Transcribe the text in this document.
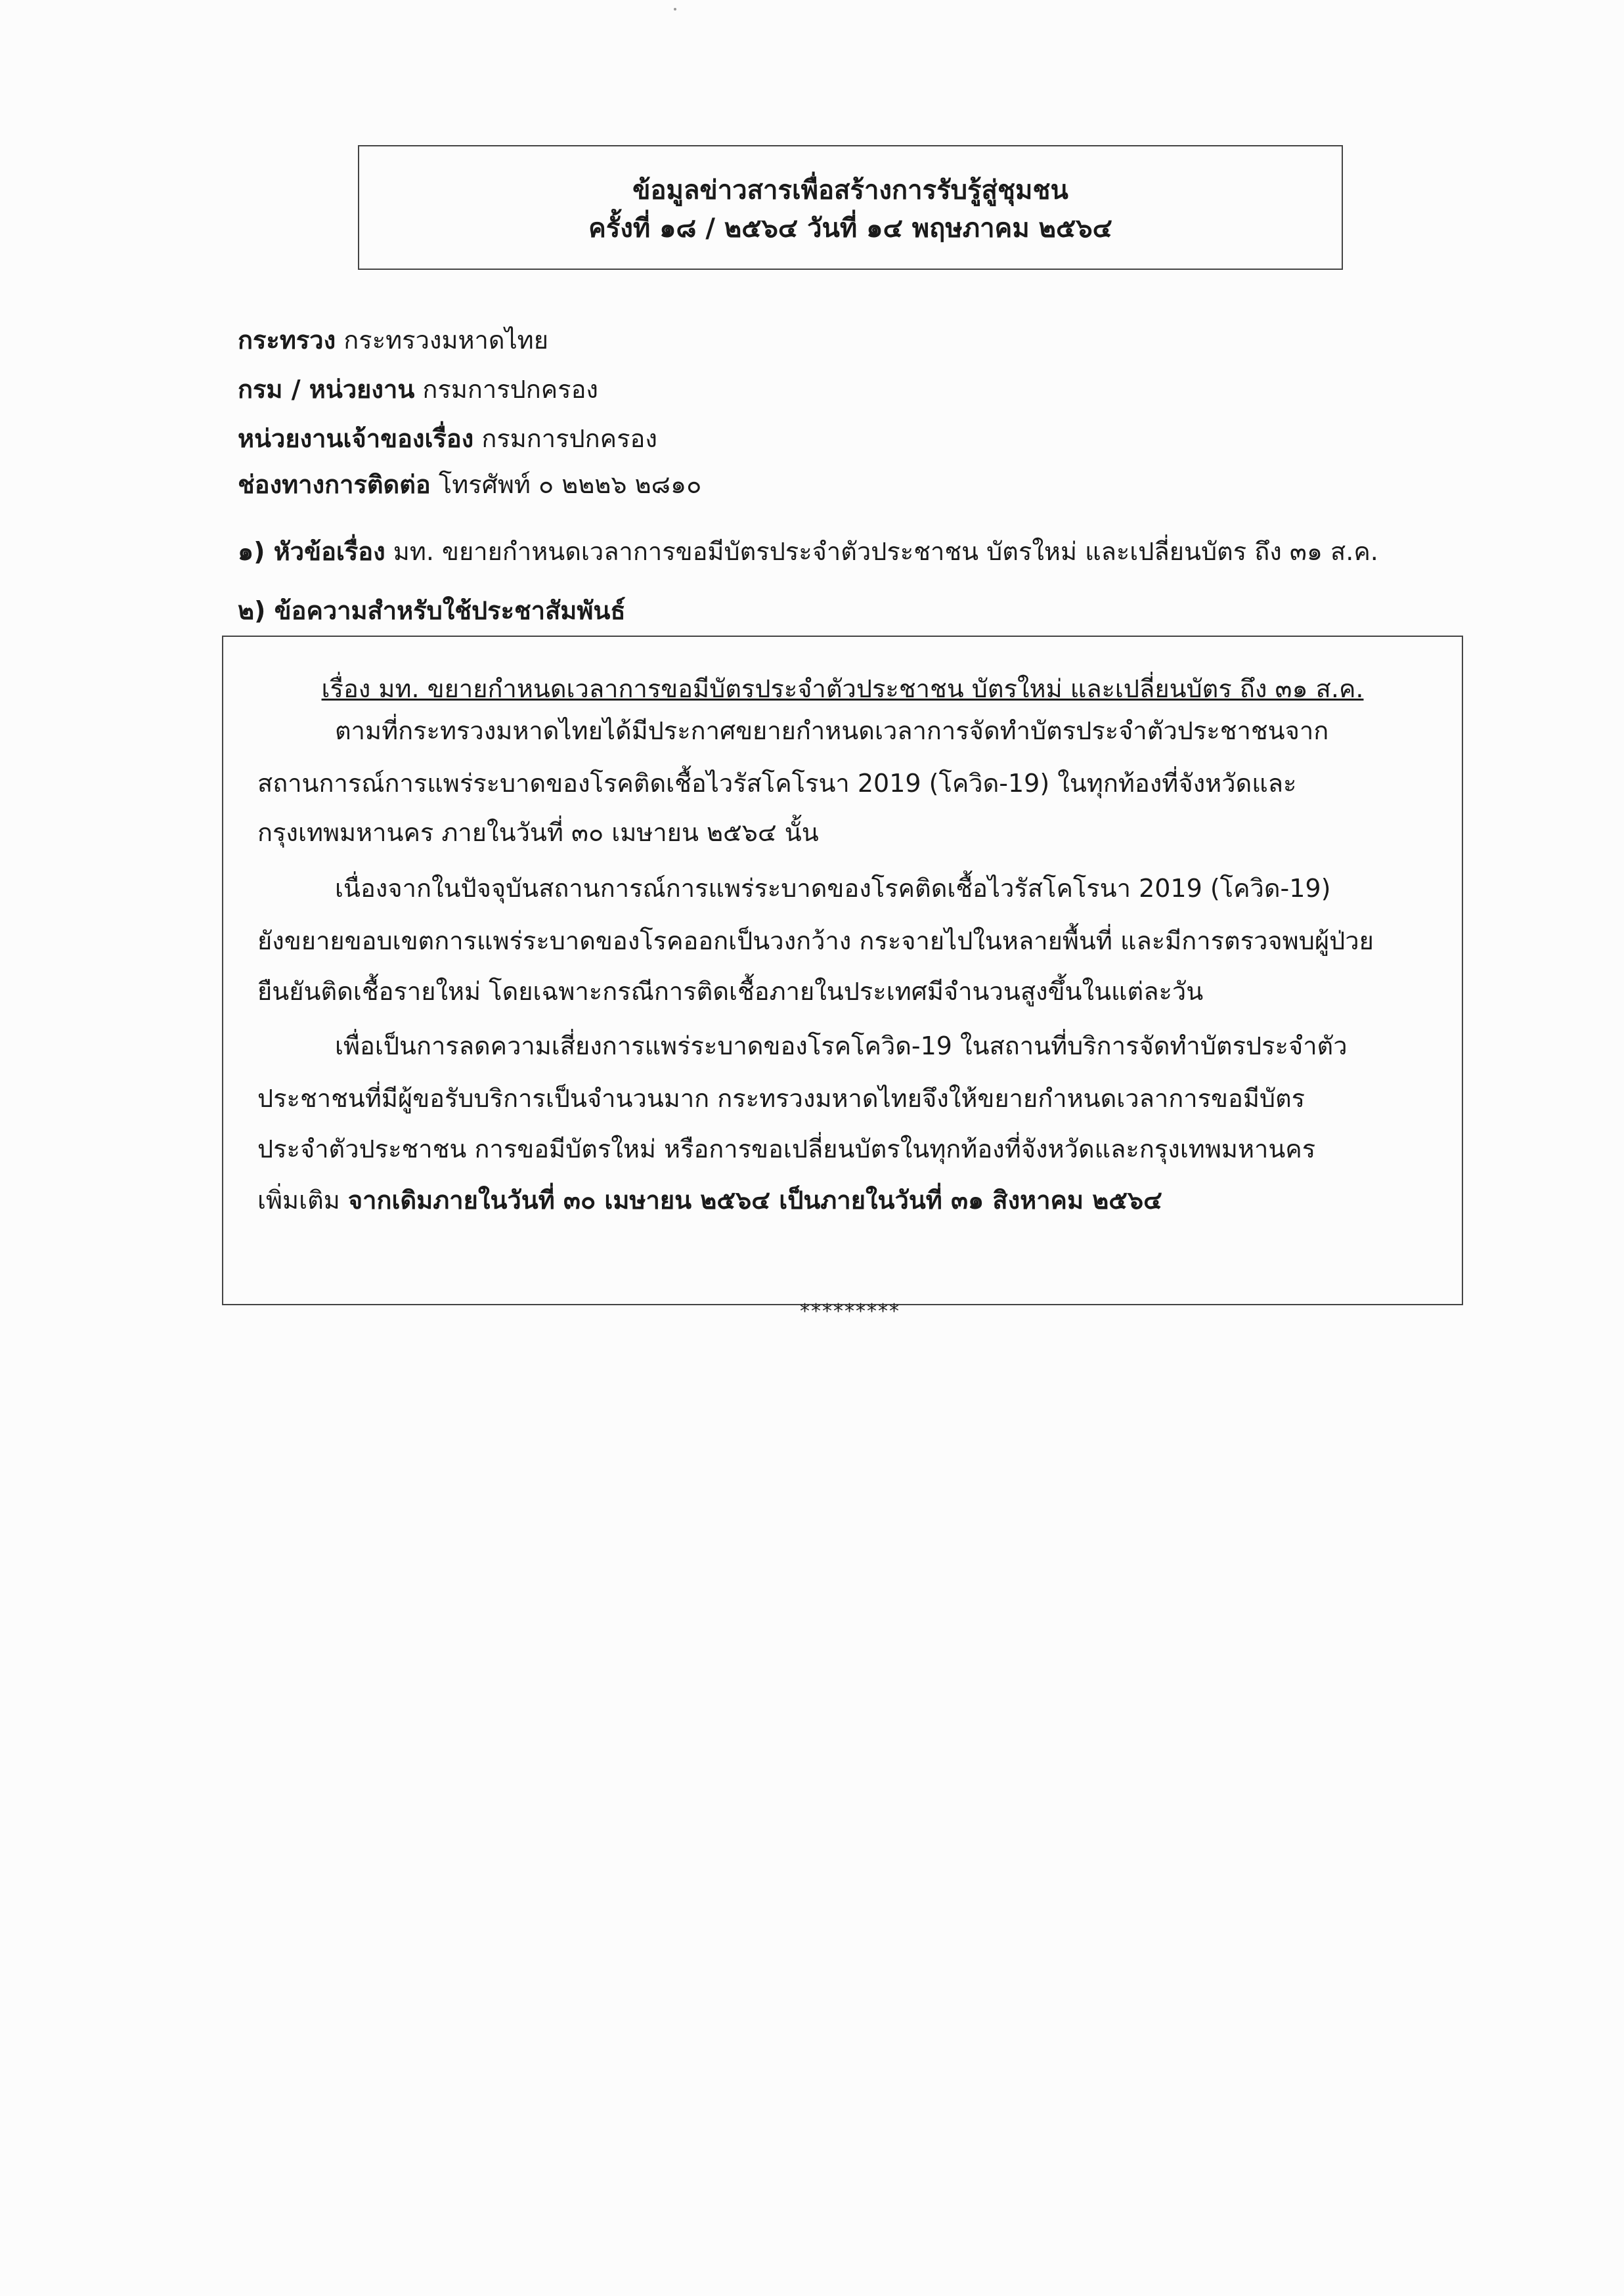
ข้อมูลข่าวสารเพื่อสร้างการรับรู้สู่ชุมชน
ครั้งที่ ๑๘ / ๒๕๖๔ วันที่ ๑๔ พฤษภาคม ๒๕๖๔
กระทรวง กระทรวงมหาดไทย
กรม / หน่วยงาน กรมการปกครอง
หน่วยงานเจ้าของเรื่อง กรมการปกครอง
ช่องทางการติดต่อ โทรศัพท์ ๐ ๒๒๒๖ ๒๘๑๐
๑) หัวข้อเรื่อง มท. ขยายกำหนดเวลาการขอมีบัตรประจำตัวประชาชน บัตรใหม่ และเปลี่ยนบัตร ถึง ๓๑ ส.ค.
๒) ข้อความสำหรับใช้ประชาสัมพันธ์
เรื่อง มท. ขยายกำหนดเวลาการขอมีบัตรประจำตัวประชาชน บัตรใหม่ และเปลี่ยนบัตร ถึง ๓๑ ส.ค.
ตามที่กระทรวงมหาดไทยได้มีประกาศขยายกำหนดเวลาการจัดทำบัตรประจำตัวประชาชนจาก
สถานการณ์การแพร่ระบาดของโรคติดเชื้อไวรัสโคโรนา 2019 (โควิด-19) ในทุกท้องที่จังหวัดและ
กรุงเทพมหานคร ภายในวันที่ ๓๐ เมษายน ๒๕๖๔ นั้น
เนื่องจากในปัจจุบันสถานการณ์การแพร่ระบาดของโรคติดเชื้อไวรัสโคโรนา 2019 (โควิด-19)
ยังขยายขอบเขตการแพร่ระบาดของโรคออกเป็นวงกว้าง กระจายไปในหลายพื้นที่ และมีการตรวจพบผู้ป่วย
ยืนยันติดเชื้อรายใหม่ โดยเฉพาะกรณีการติดเชื้อภายในประเทศมีจำนวนสูงขึ้นในแต่ละวัน
เพื่อเป็นการลดความเสี่ยงการแพร่ระบาดของโรคโควิด-19 ในสถานที่บริการจัดทำบัตรประจำตัว
ประชาชนที่มีผู้ขอรับบริการเป็นจำนวนมาก กระทรวงมหาดไทยจึงให้ขยายกำหนดเวลาการขอมีบัตร
ประจำตัวประชาชน การขอมีบัตรใหม่ หรือการขอเปลี่ยนบัตรในทุกท้องที่จังหวัดและกรุงเทพมหานคร
เพิ่มเติม จากเดิมภายในวันที่ ๓๐ เมษายน ๒๕๖๔ เป็นภายในวันที่ ๓๑ สิงหาคม ๒๕๖๔
*********
